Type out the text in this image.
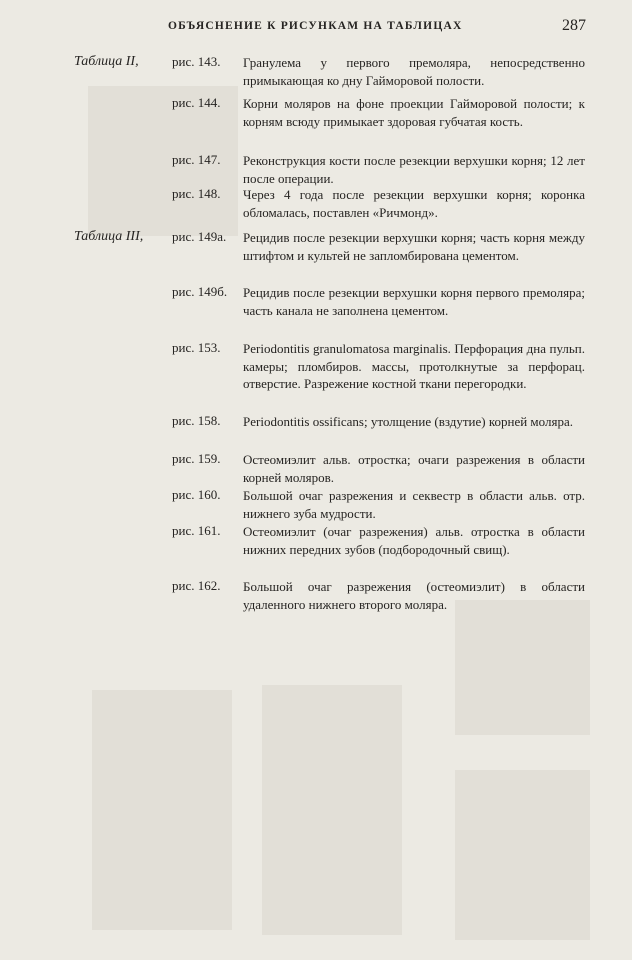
ОБЪЯСНЕНИЕ К РИСУНКАМ НА ТАБЛИЦАХ	287
Таблица II,	рис. 143. Гранулема у первого премоляра, непосредственно примыкающая ко дну Гайморовой полости.
рис. 144. Корни моляров на фоне проекции Гайморовой полости; к корням всюду примыкает здоровая губчатая кость.
рис. 147. Реконструкция кости после резекции верхушки корня; 12 лет после операции.
рис. 148. Через 4 года после резекции верхушки корня; коронка обломалась, поставлен «Ричмонд».
Таблица III, рис. 149а. Рецидив после резекции верхушки корня; часть корня между штифтом и культей не запломбирована цементом.
рис. 149б. Рецидив после резекции верхушки корня первого премоляра; часть канала не заполнена цементом.
рис. 153. Periodontitis granulomatosa marginalis. Перфорация дна пульп. камеры; пломбиров. массы, протолкнутые за перфорац. отверстие. Разрежение костной ткани перегородки.
рис. 158. Periodontitis ossificans; утолщение (вздутие) корней моляра.
рис. 159. Остеомиэлит альв. отростка; очаги разрежения в области корней моляров.
рис. 160. Большой очаг разрежения и секвестр в области альв. отр. нижнего зуба мудрости.
рис. 161. Остеомиэлит (очаг разрежения) альв. отростка в области нижних передних зубов (подбородочный свищ).
рис. 162. Большой очаг разрежения (остеомиэлит) в области удаленного нижнего второго моляра.
